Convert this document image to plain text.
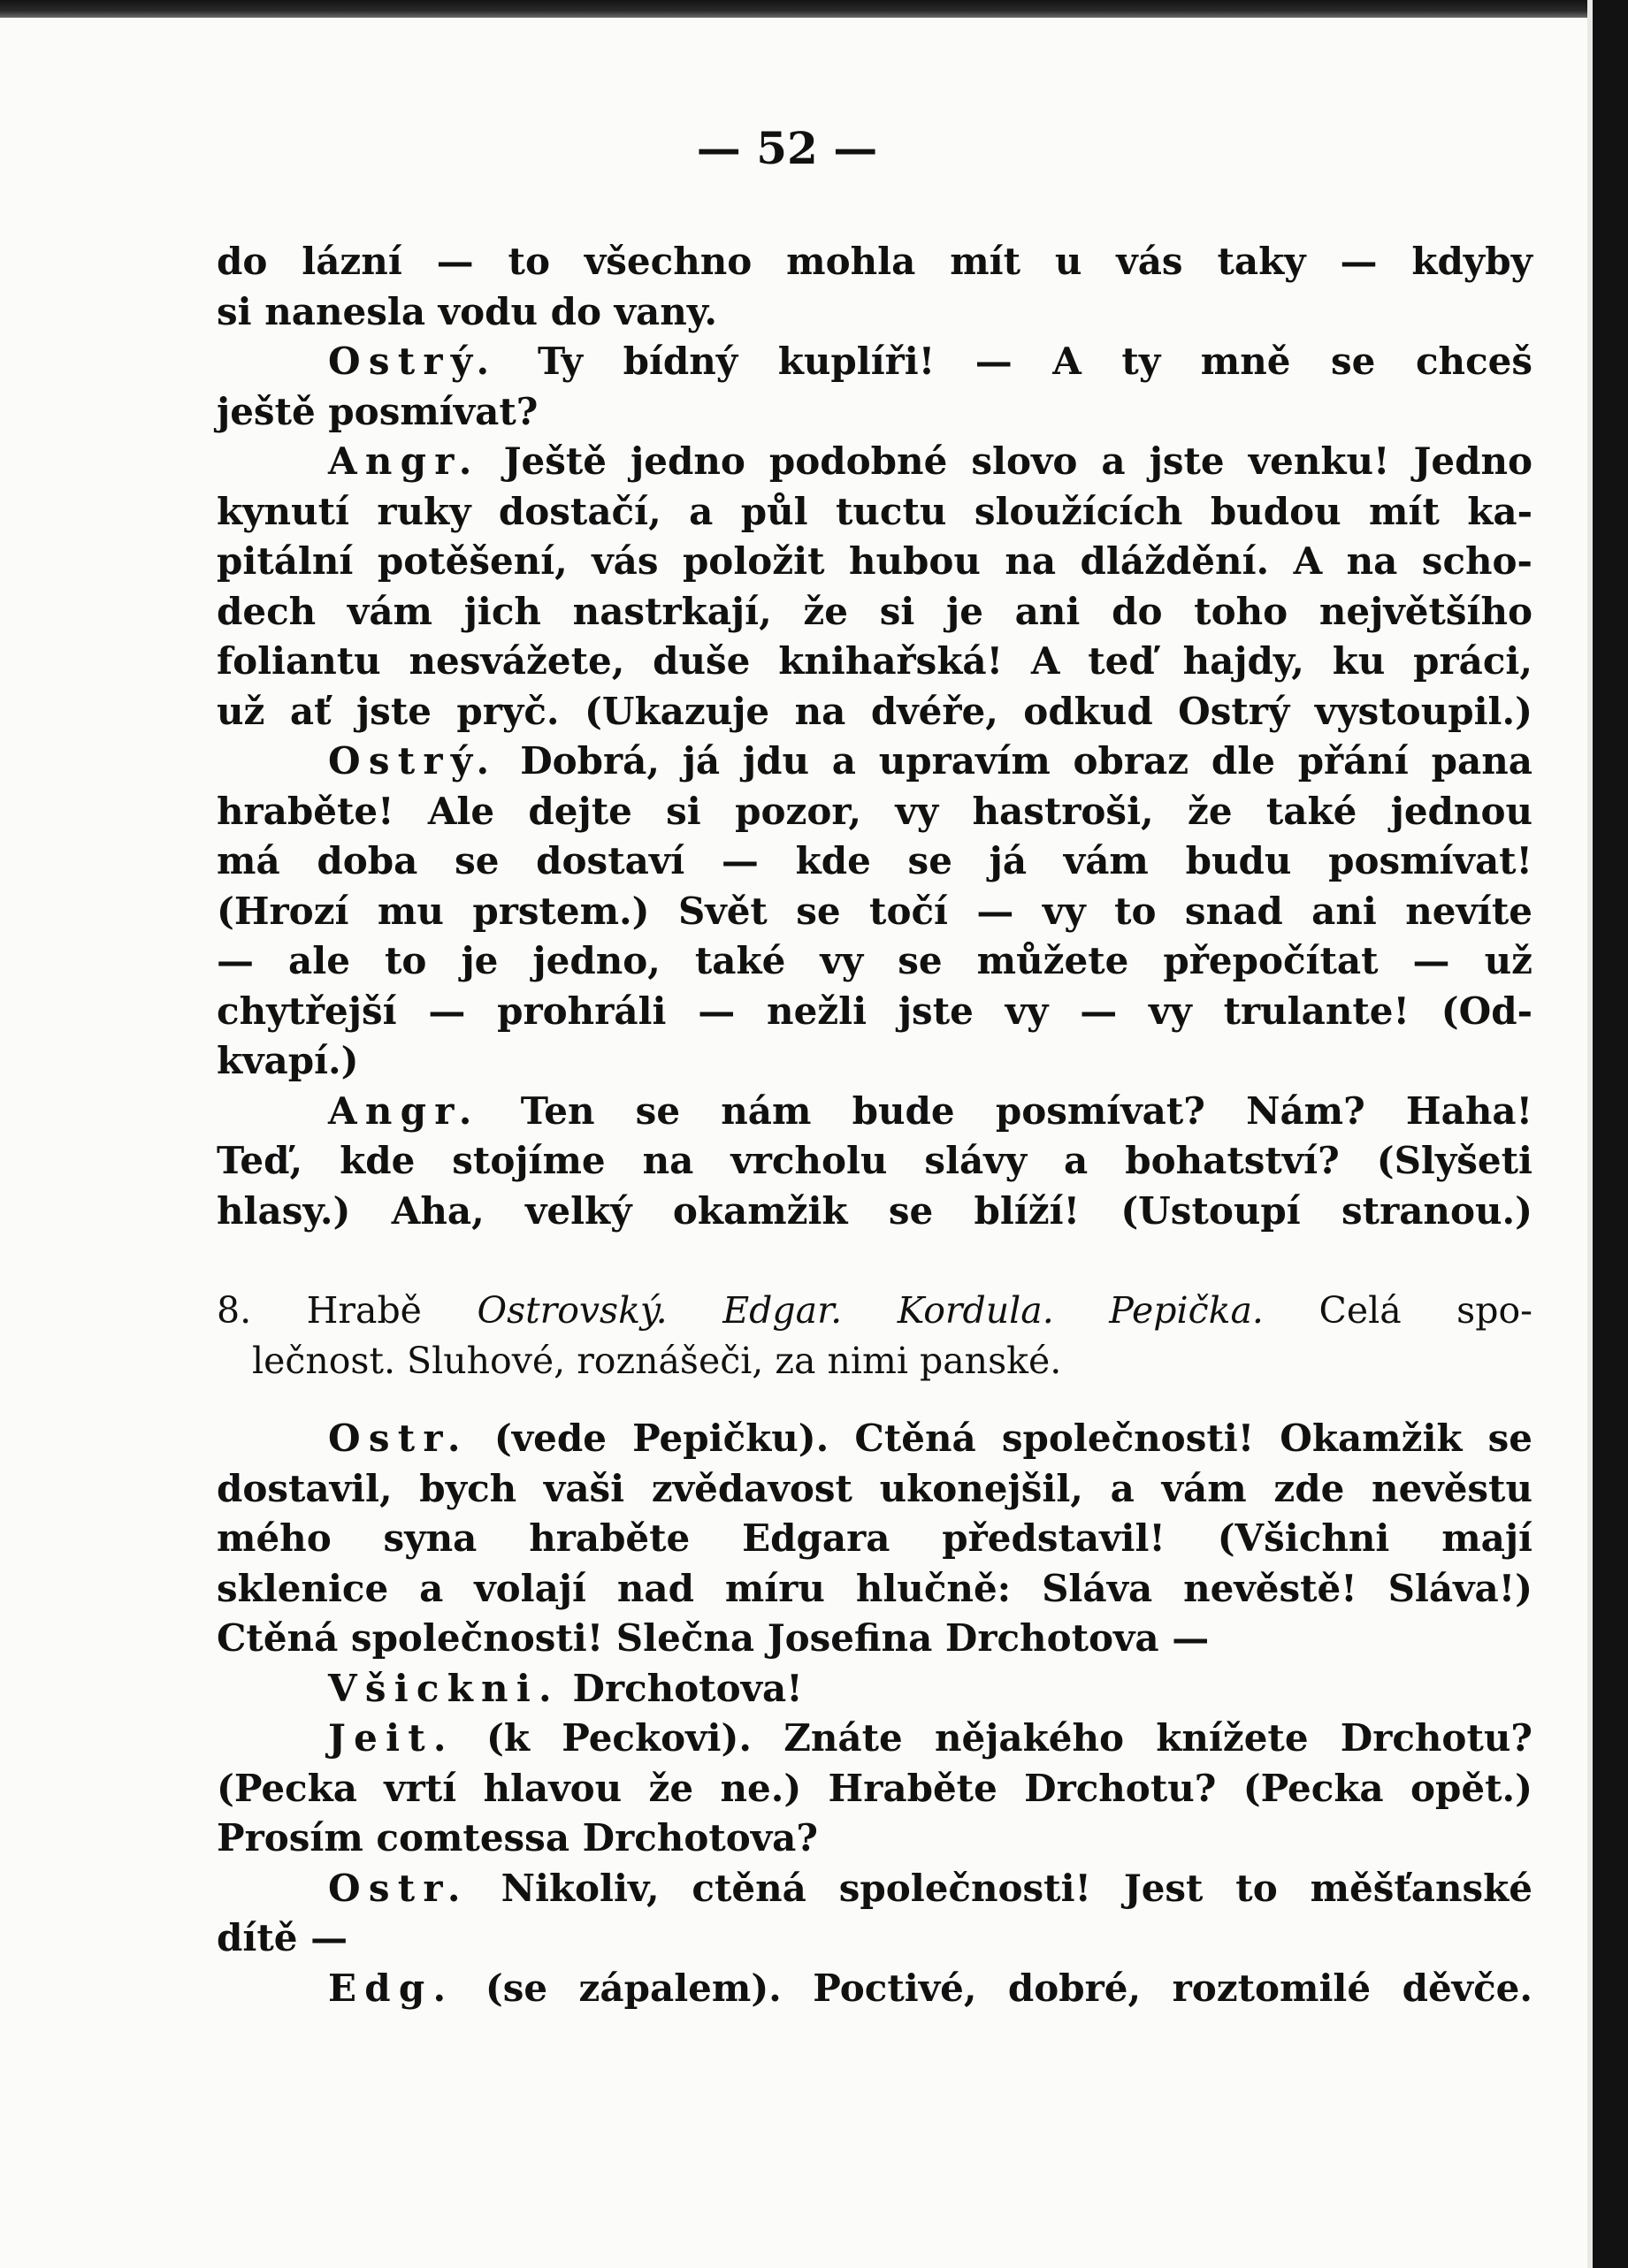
— 52 —
do lázní — to všechno mohla mít u vás taky — kdyby
si nanesla vodu do vany.
Ostrý. Ty bídný kuplíři! — A ty mně se chceš
ještě posmívat?
Angr. Ještě jedno podobné slovo a jste venku! Jedno
kynutí ruky dostačí, a půl tuctu sloužících budou mít ka-
pitální potěšení, vás položit hubou na dláždění. A na scho-
dech vám jich nastrkají, že si je ani do toho největšího
foliantu nesvážete, duše knihařská! A teď hajdy, ku práci,
už ať jste pryč. (Ukazuje na dvéře, odkud Ostrý vystoupil.)
Ostrý. Dobrá, já jdu a upravím obraz dle přání pana
hraběte! Ale dejte si pozor, vy hastroši, že také jednou
má doba se dostaví — kde se já vám budu posmívat!
(Hrozí mu prstem.) Svět se točí — vy to snad ani nevíte
— ale to je jedno, také vy se můžete přepočítat — už
chytřejší — prohráli — nežli jste vy — vy trulante! (Od-
kvapí.)
Angr. Ten se nám bude posmívat? Nám? Haha!
Teď, kde stojíme na vrcholu slávy a bohatství? (Slyšeti
hlasy.) Aha, velký okamžik se blíží! (Ustoupí stranou.)
8. Hrabě Ostrovský. Edgar. Kordula. Pepička. Celá spo-
lečnost. Sluhové, roznášeči, za nimi panské.
Ostr. (vede Pepičku). Ctěná společnosti! Okamžik se
dostavil, bych vaši zvědavost ukonejšil, a vám zde nevěstu
mého syna hraběte Edgara představil! (Všichni mají
sklenice a volají nad míru hlučně: Sláva nevěstě! Sláva!)
Ctěná společnosti! Slečna Josefina Drchotova —
Všickni. Drchotova!
Jeit. (k Peckovi). Znáte nějakého knížete Drchotu?
(Pecka vrtí hlavou že ne.) Hraběte Drchotu? (Pecka opět.)
Prosím comtessa Drchotova?
Ostr. Nikoliv, ctěná společnosti! Jest to měšťanské
dítě —
Edg. (se zápalem). Poctivé, dobré, roztomilé děvče.
